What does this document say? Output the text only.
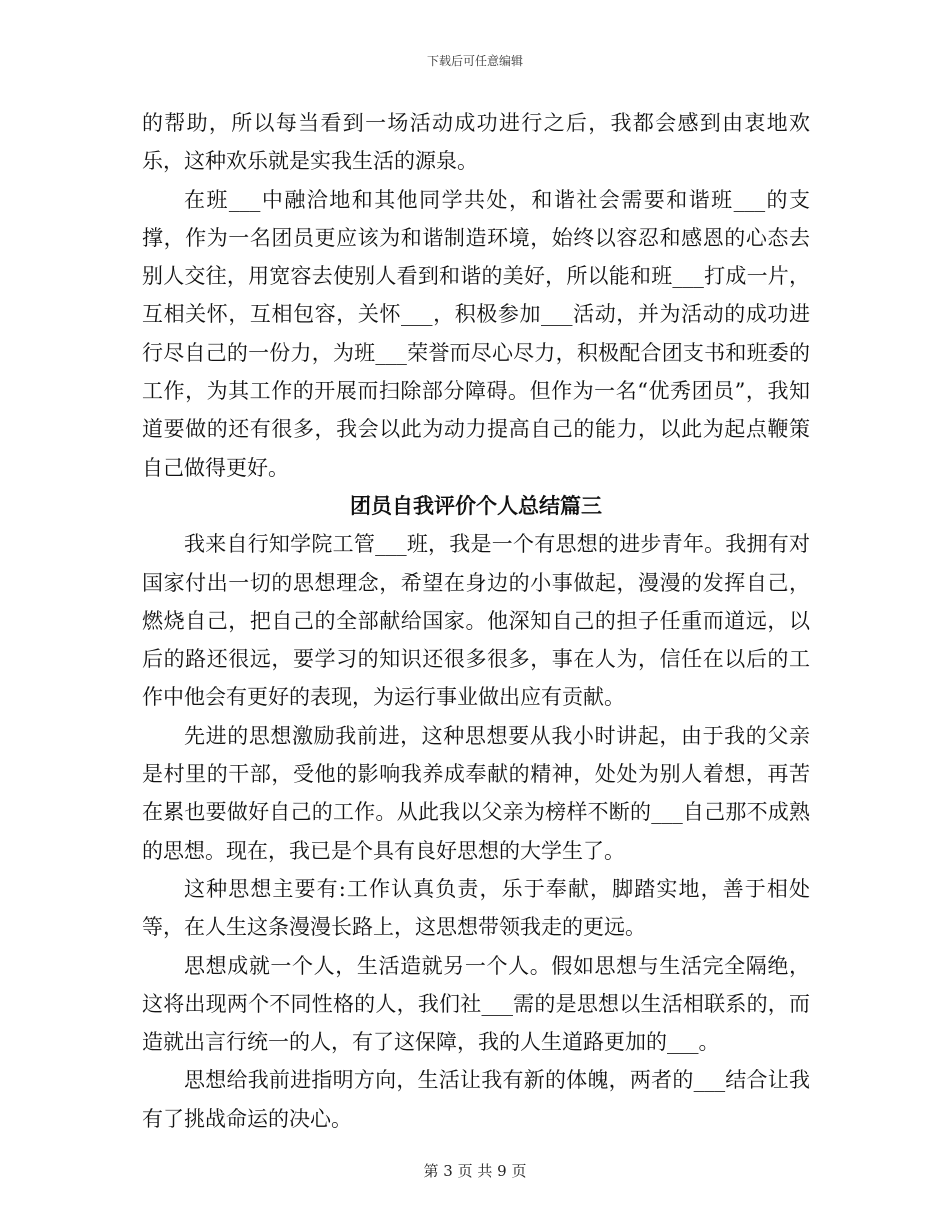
下载后可任意编辑

的帮助，所以每当看到一场活动成功进行之后，我都会感到由衷地欢乐，这种欢乐就是实我生活的源泉。

在班___中融洽地和其他同学共处，和谐社会需要和谐班___的支撑，作为一名团员更应该为和谐制造环境，始终以容忍和感恩的心态去别人交往，用宽容去使别人看到和谐的美好，所以能和班___打成一片，互相关怀，互相包容，关怀___，积极参加___活动，并为活动的成功进行尽自己的一份力，为班___荣誉而尽心尽力，积极配合团支书和班委的工作，为其工作的开展而扫除部分障碍。但作为一名“优秀团员”，我知道要做的还有很多，我会以此为动力提高自己的能力，以此为起点鞭策自己做得更好。

团员自我评价个人总结篇三

我来自行知学院工管___班，我是一个有思想的进步青年。我拥有对国家付出一切的思想理念，希望在身边的小事做起，漫漫的发挥自己，燃烧自己，把自己的全部献给国家。他深知自己的担子任重而道远，以后的路还很远，要学习的知识还很多很多，事在人为，信任在以后的工作中他会有更好的表现，为运行事业做出应有贡献。

先进的思想激励我前进，这种思想要从我小时讲起，由于我的父亲是村里的干部，受他的影响我养成奉献的精神，处处为别人着想，再苦在累也要做好自己的工作。从此我以父亲为榜样不断的___自己那不成熟的思想。现在，我已是个具有良好思想的大学生了。

这种思想主要有:工作认真负责，乐于奉献，脚踏实地，善于相处等，在人生这条漫漫长路上，这思想带领我走的更远。

思想成就一个人，生活造就另一个人。假如思想与生活完全隔绝，这将出现两个不同性格的人，我们社___需的是思想以生活相联系的，而造就出言行统一的人，有了这保障，我的人生道路更加的___。

思想给我前进指明方向，生活让我有新的体魄，两者的___结合让我有了挑战命运的决心。

第 3 页 共 9 页
